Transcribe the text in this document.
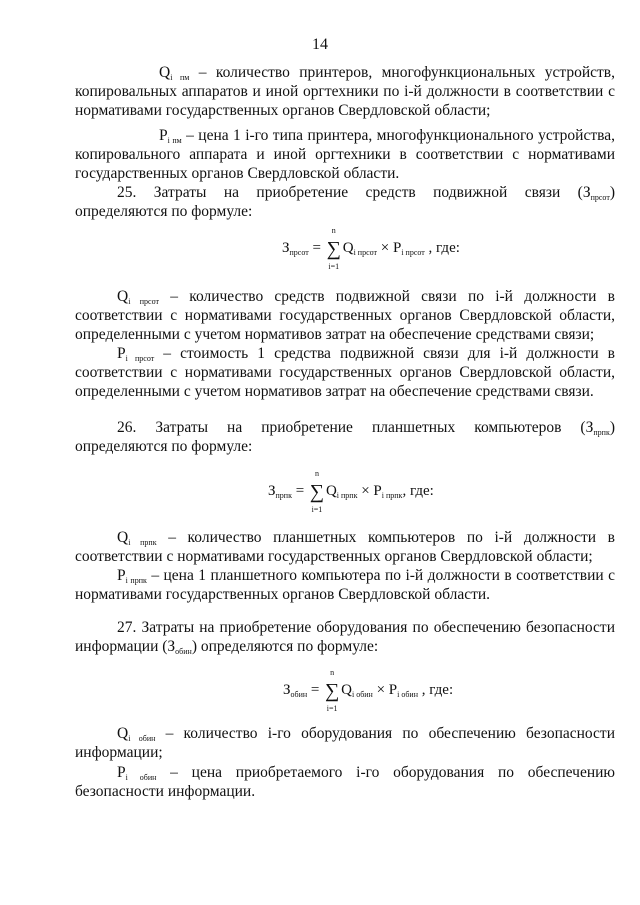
14

$Q_{i пм}$ – количество принтеров, многофункциональных устройств, копировальных аппаратов и иной оргтехники по i-й должности в соответствии с нормативами государственных органов Свердловской области;

$P_{i пм}$ – цена 1 i-го типа принтера, многофункционального устройства, копировального аппарата и иной оргтехники в соответствии с нормативами государственных органов Свердловской области.

25. Затраты на приобретение средств подвижной связи $(З_{прсот})$ определяются по формуле:

$З_{прсот}$ =
n
∑
i=1
$Q_{i прсот} \times P_{i прсот}$ , где:

$Q_{i прсот}$ – количество средств подвижной связи по i-й должности в соответствии с нормативами государственных органов Свердловской области, определенными с учетом нормативов затрат на обеспечение средствами связи;

$P_{i прсот}$ – стоимость 1 средства подвижной связи для i-й должности в соответствии с нормативами государственных органов Свердловской области, определенными с учетом нормативов затрат на обеспечение средствами связи.

26. Затраты на приобретение планшетных компьютеров $(З_{прпк})$ определяются по формуле:

$З_{прпк}$ =
n
∑
i=1
$Q_{i прпк} \times P_{i прпк}$, где:

$Q_{i прпк}$ – количество планшетных компьютеров по i-й должности в соответствии с нормативами государственных органов Свердловской области;

$P_{i прпк}$ – цена 1 планшетного компьютера по i-й должности в соответствии с нормативами государственных органов Свердловской области.

27. Затраты на приобретение оборудования по обеспечению безопасности информации $(З_{обин})$ определяются по формуле:

$З_{обин}$ =
n
∑
i=1
$Q_{i обин} \times P_{i обин}$ , где:

$Q_{i обин}$ – количество i-го оборудования по обеспечению безопасности информации;

$P_{i обин}$ – цена приобретаемого i-го оборудования по обеспечению безопасности информации.
